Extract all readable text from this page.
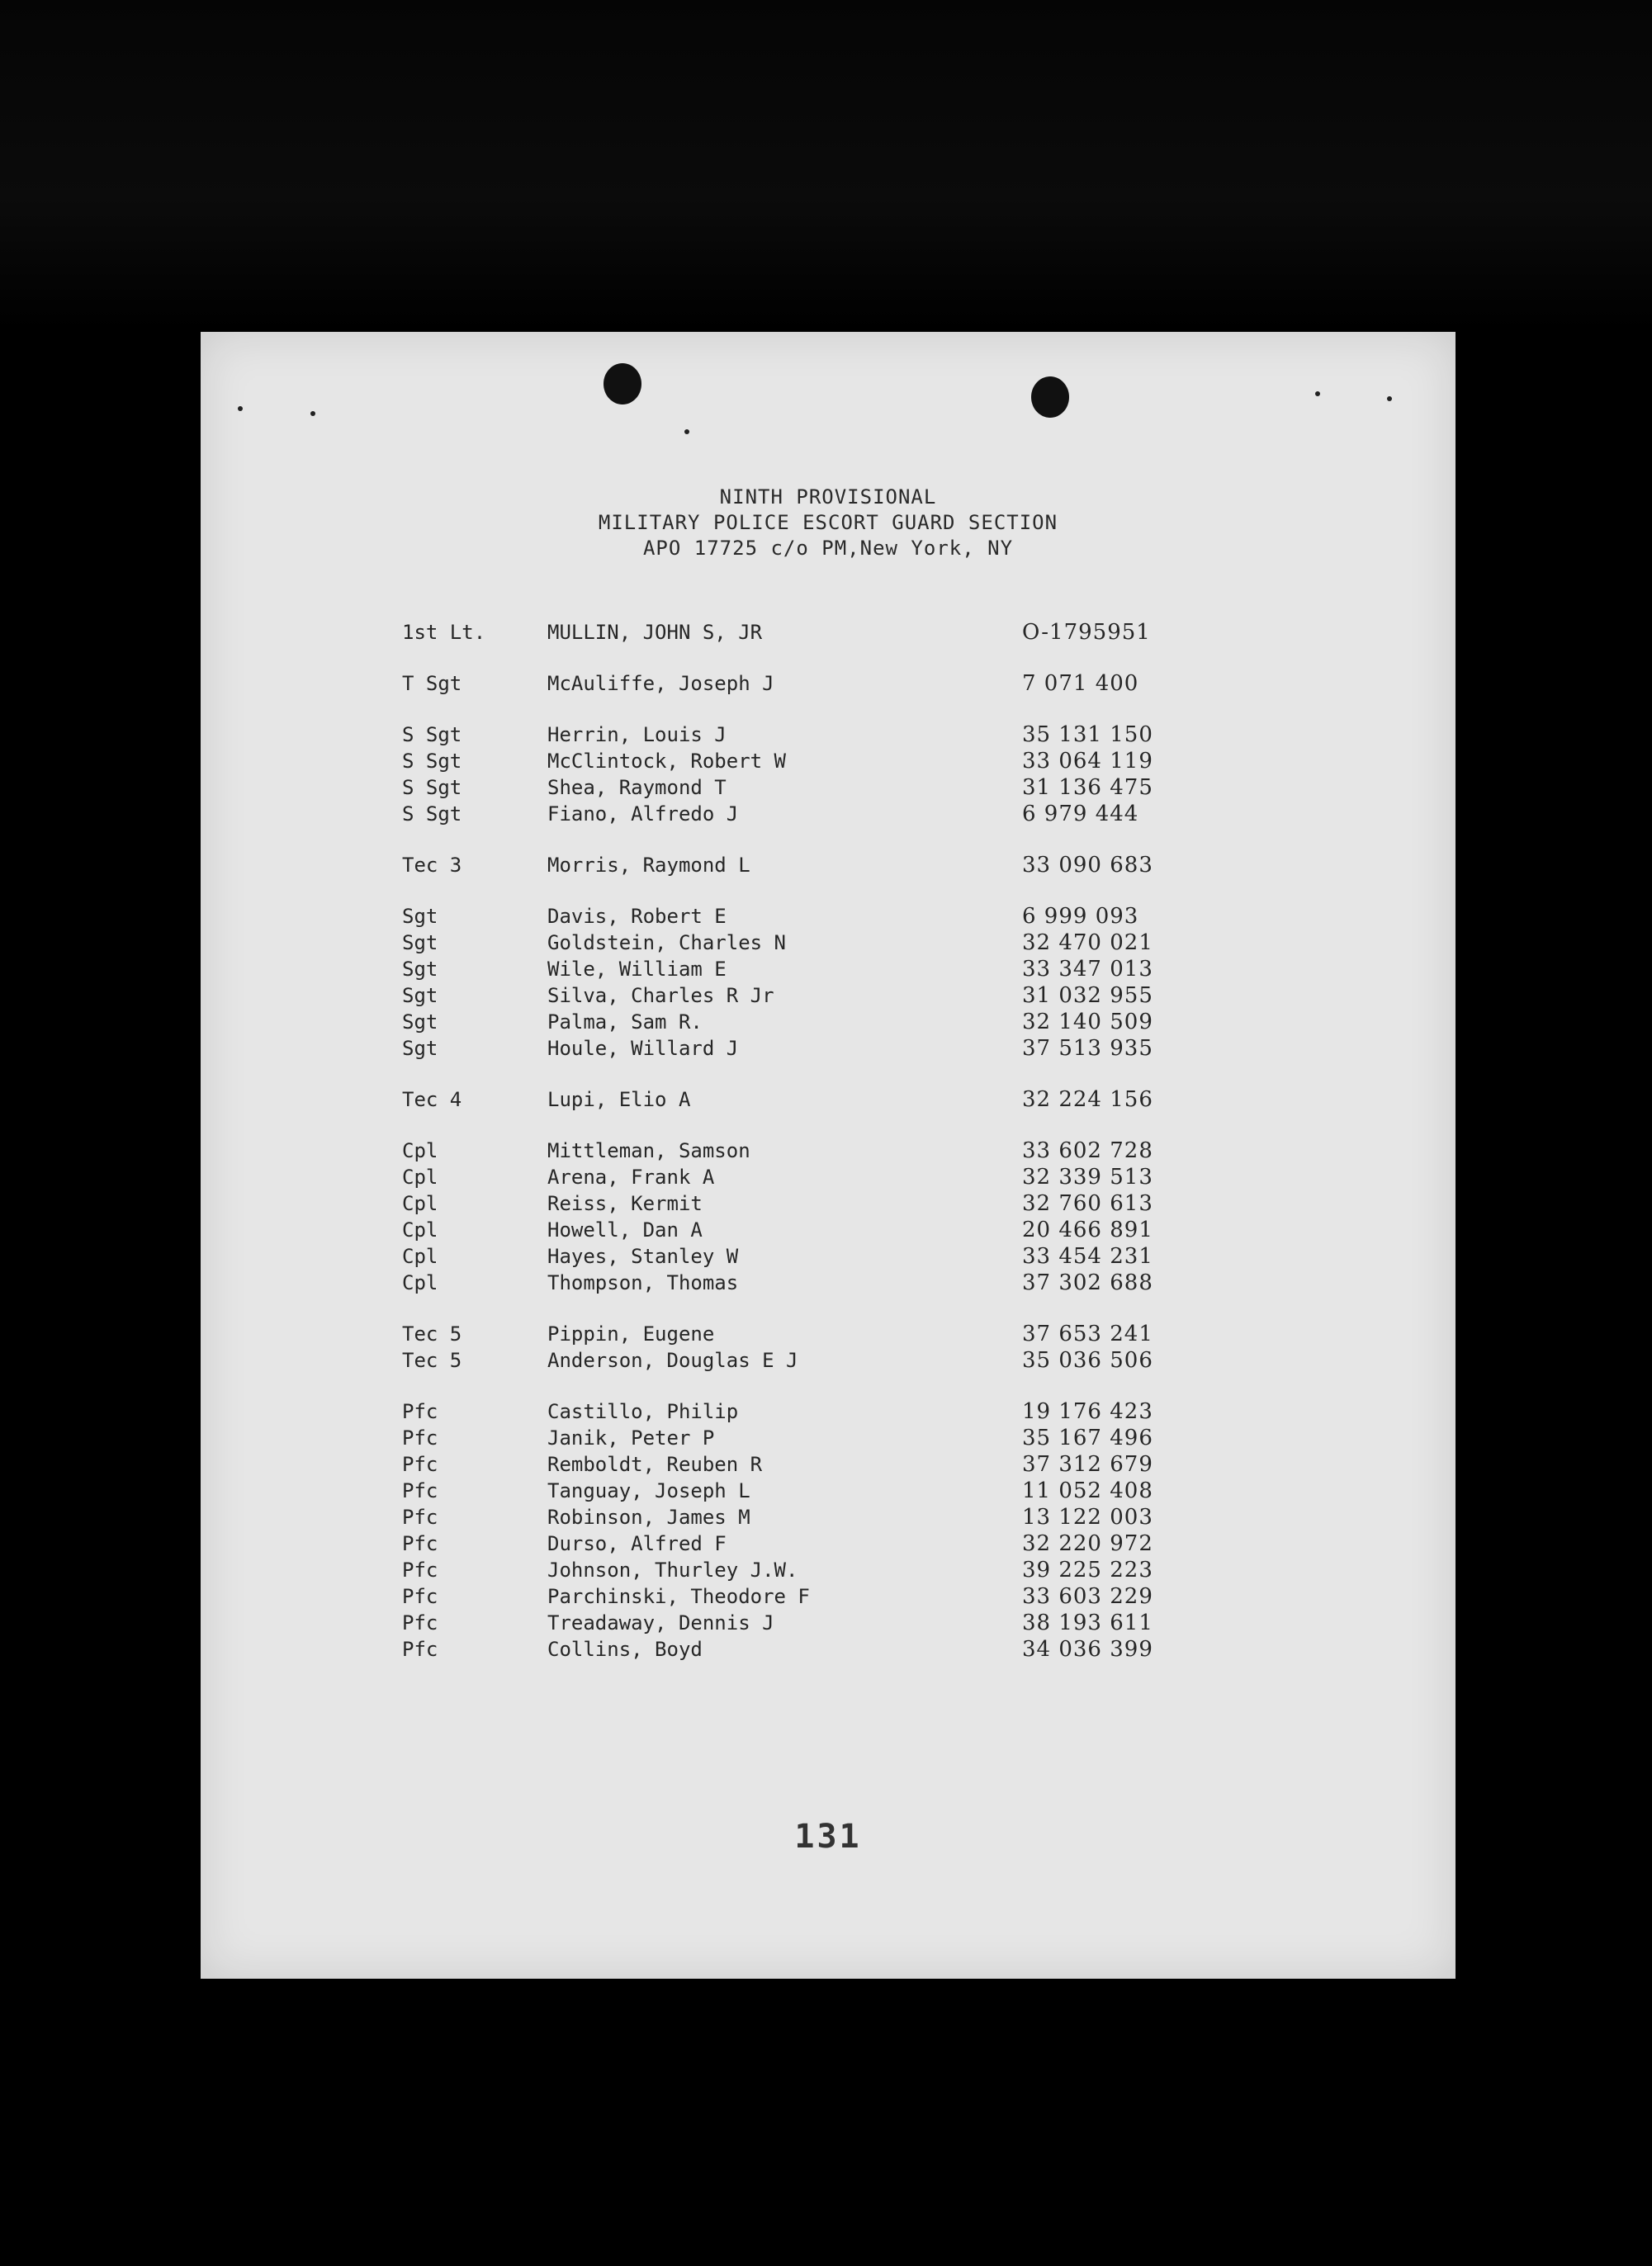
NINTH PROVISIONAL
MILITARY POLICE ESCORT GUARD SECTION
APO 17725 c/o PM,New York, NY
1st Lt.	MULLIN, JOHN S, JR	O-1795951
T Sgt	McAuliffe, Joseph J	7 071 400
S Sgt	Herrin, Louis J	35 131 150
S Sgt	McClintock, Robert W	33 064 119
S Sgt	Shea, Raymond T	31 136 475
S Sgt	Fiano, Alfredo J	6 979 444
Tec 3	Morris, Raymond L	33 090 683
Sgt	Davis, Robert E	6 999 093
Sgt	Goldstein, Charles N	32 470 021
Sgt	Wile, William E	33 347 013
Sgt	Silva, Charles R Jr	31 032 955
Sgt	Palma, Sam R.	32 140 509
Sgt	Houle, Willard J	37 513 935
Tec 4	Lupi, Elio A	32 224 156
Cpl	Mittleman, Samson	33 602 728
Cpl	Arena, Frank A	32 339 513
Cpl	Reiss, Kermit	32 760 613
Cpl	Howell, Dan A	20 466 891
Cpl	Hayes, Stanley W	33 454 231
Cpl	Thompson, Thomas	37 302 688
Tec 5	Pippin, Eugene	37 653 241
Tec 5	Anderson, Douglas E J	35 036 506
Pfc	Castillo, Philip	19 176 423
Pfc	Janik, Peter P	35 167 496
Pfc	Remboldt, Reuben R	37 312 679
Pfc	Tanguay, Joseph L	11 052 408
Pfc	Robinson, James M	13 122 003
Pfc	Durso, Alfred F	32 220 972
Pfc	Johnson, Thurley J.W.	39 225 223
Pfc	Parchinski, Theodore F	33 603 229
Pfc	Treadaway, Dennis J	38 193 611
Pfc	Collins, Boyd	34 036 399
131
